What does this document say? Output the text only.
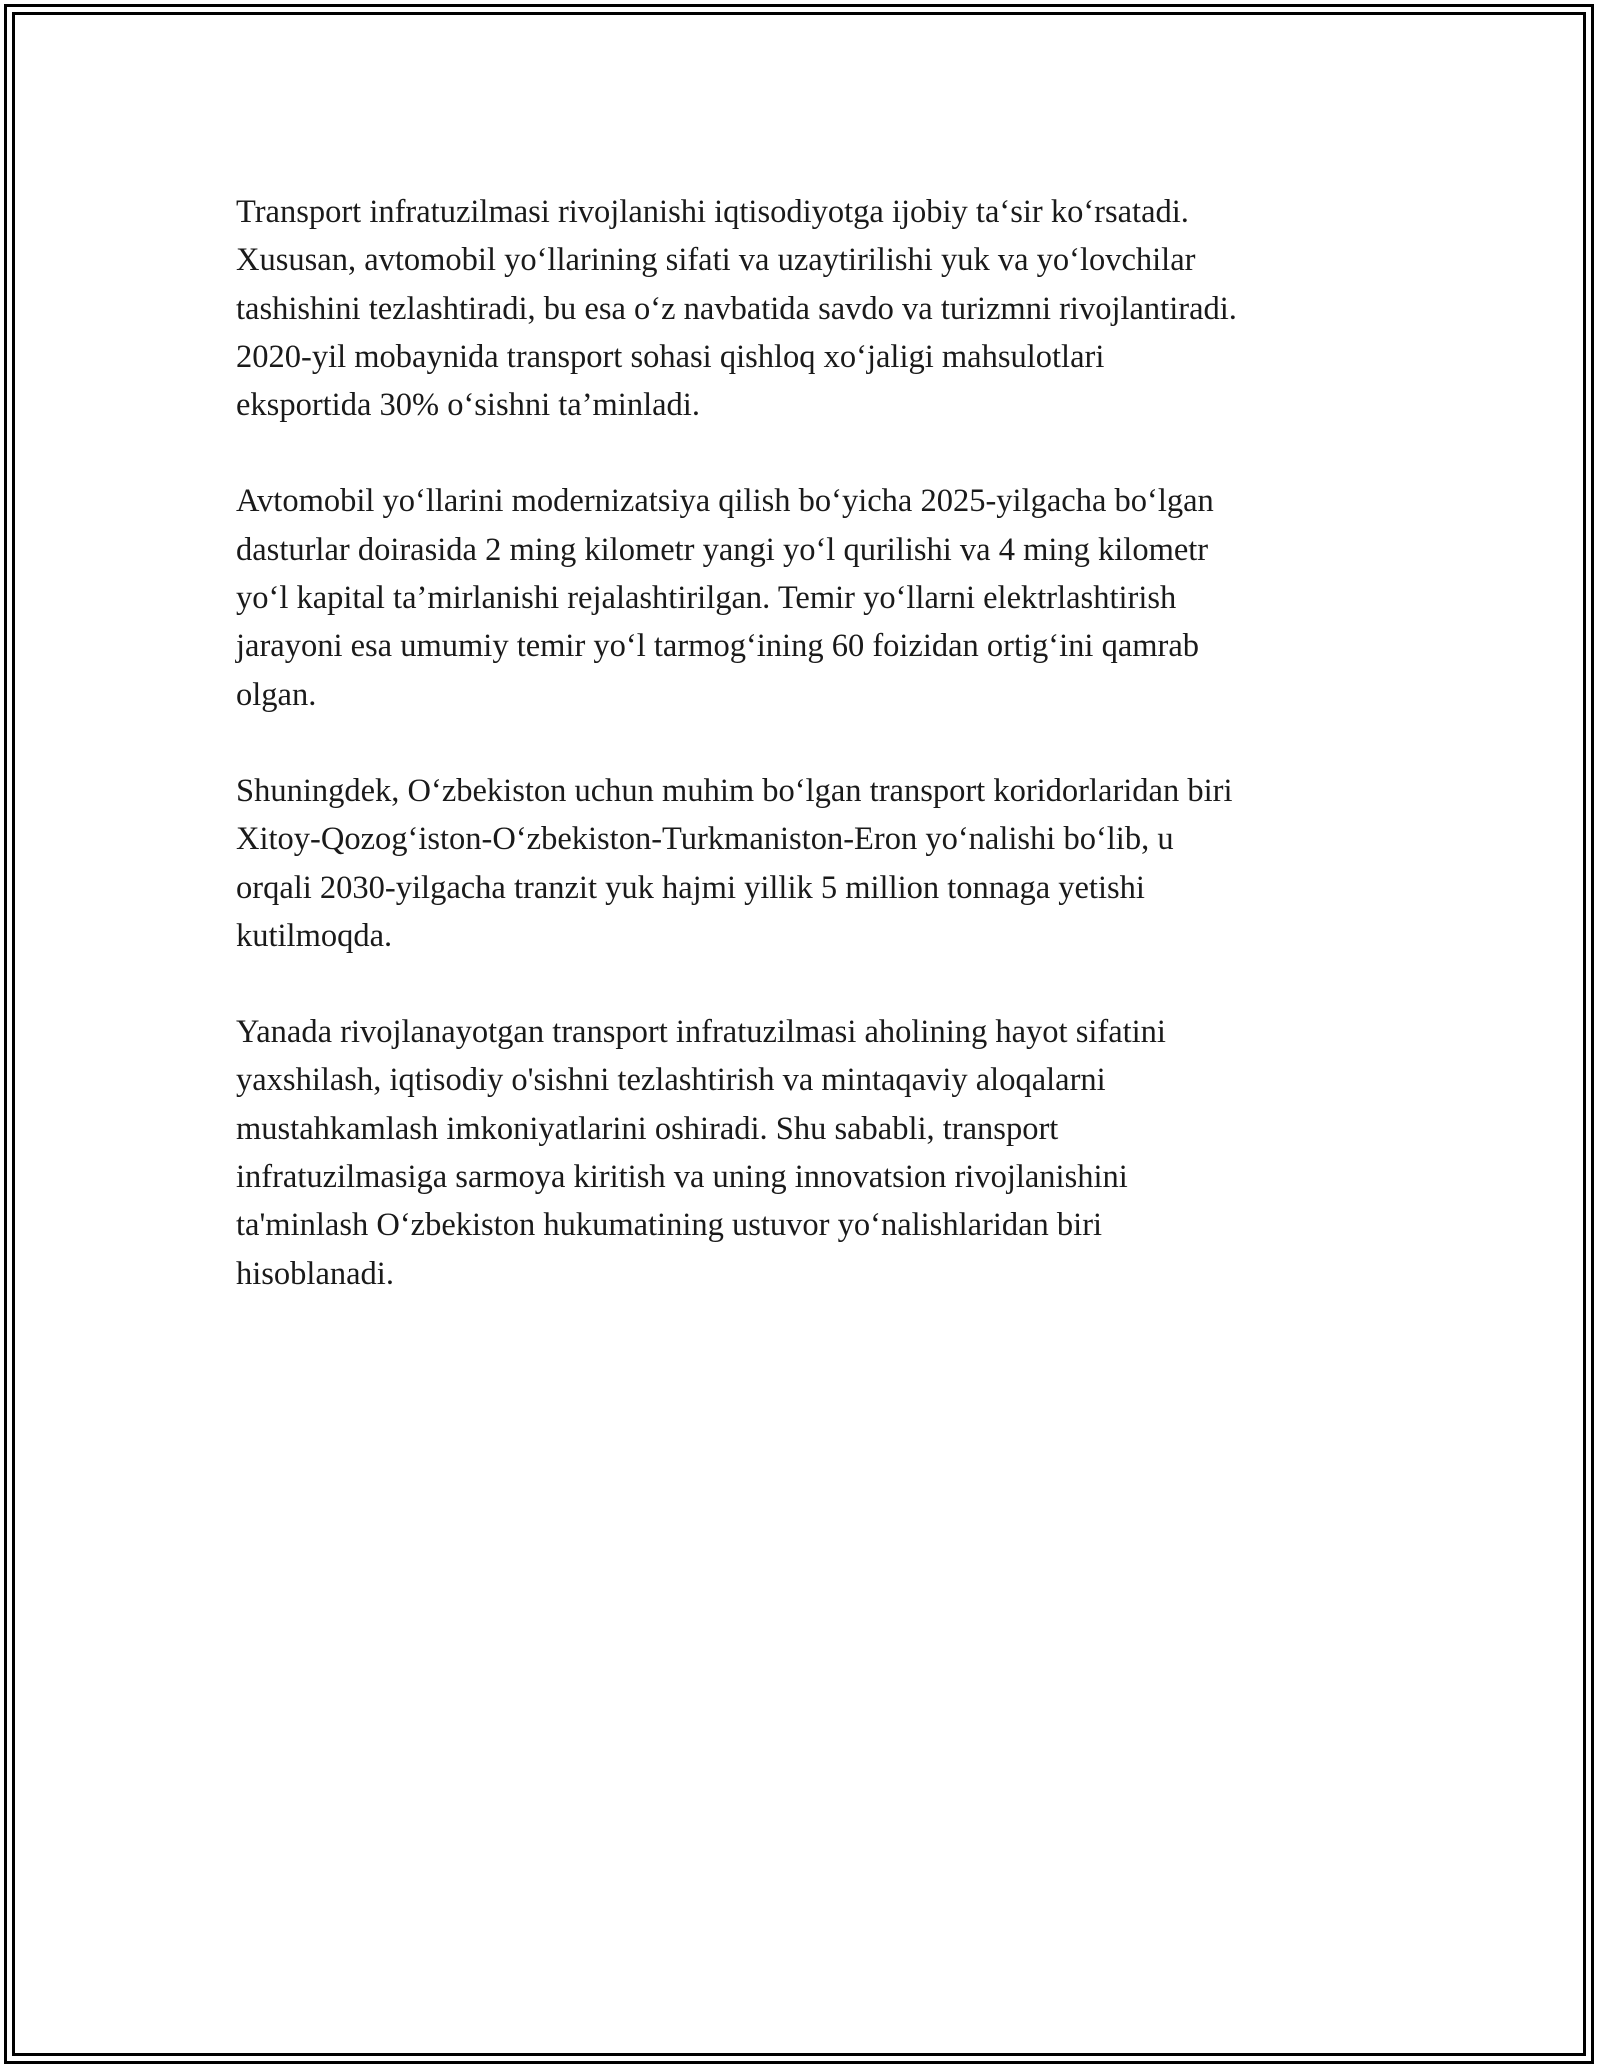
Transport infratuzilmasi rivojlanishi iqtisodiyotga ijobiy ta‘sir ko‘rsatadi.
Xususan, avtomobil yo‘llarining sifati va uzaytirilishi yuk va yo‘lovchilar
tashishini tezlashtiradi, bu esa o‘z navbatida savdo va turizmni rivojlantiradi.
2020-yil mobaynida transport sohasi qishloq xo‘jaligi mahsulotlari
eksportida 30% o‘sishni ta’minladi.

Avtomobil yo‘llarini modernizatsiya qilish bo‘yicha 2025-yilgacha bo‘lgan
dasturlar doirasida 2 ming kilometr yangi yo‘l qurilishi va 4 ming kilometr
yo‘l kapital ta’mirlanishi rejalashtirilgan. Temir yo‘llarni elektrlashtirish
jarayoni esa umumiy temir yo‘l tarmog‘ining 60 foizidan ortig‘ini qamrab
olgan.

Shuningdek, O‘zbekiston uchun muhim bo‘lgan transport koridorlaridan biri
Xitoy-Qozog‘iston-O‘zbekiston-Turkmaniston-Eron yo‘nalishi bo‘lib, u
orqali 2030-yilgacha tranzit yuk hajmi yillik 5 million tonnaga yetishi
kutilmoqda.

Yanada rivojlanayotgan transport infratuzilmasi aholining hayot sifatini
yaxshilash, iqtisodiy o'sishni tezlashtirish va mintaqaviy aloqalarni
mustahkamlash imkoniyatlarini oshiradi. Shu sababli, transport
infratuzilmasiga sarmoya kiritish va uning innovatsion rivojlanishini
ta'minlash O‘zbekiston hukumatining ustuvor yo‘nalishlaridan biri
hisoblanadi.
